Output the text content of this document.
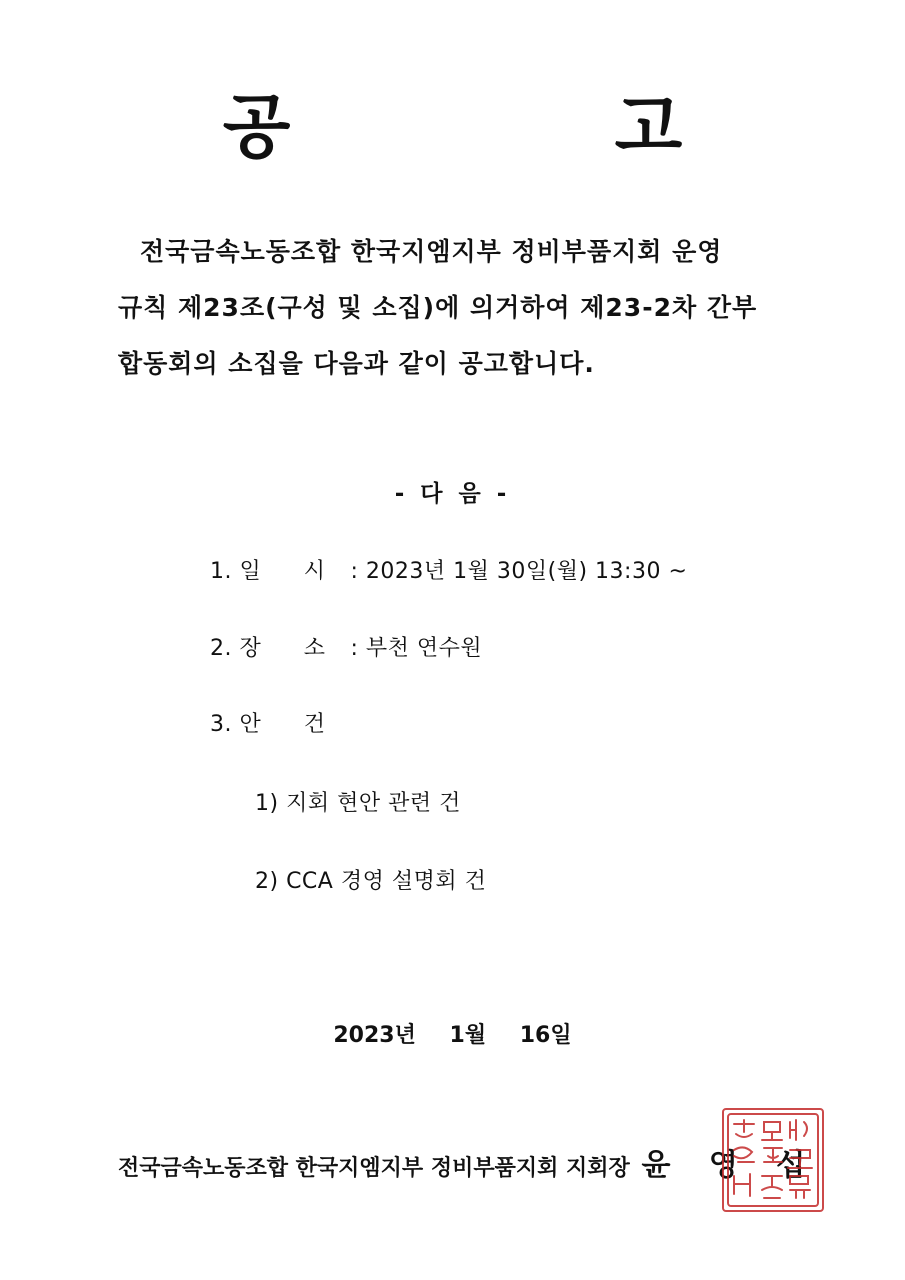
공 고
전국금속노동조합 한국지엠지부 정비부품지회 운영
규칙 제23조(구성 및 소집)에 의거하여 제23-2차 간부
합동회의 소집을 다음과 같이 공고합니다.
- 다 음 -
1. 일 시 : 2023년 1월 30일(월) 13:30 ~
2. 장 소 : 부천 연수원
3. 안 건
1) 지회 현안 관련 건
2) CCA 경영 설명회 건
2023년 1월 16일
전국금속노동조합 한국지엠지부 정비부품지회 지회장 윤 영 섭
